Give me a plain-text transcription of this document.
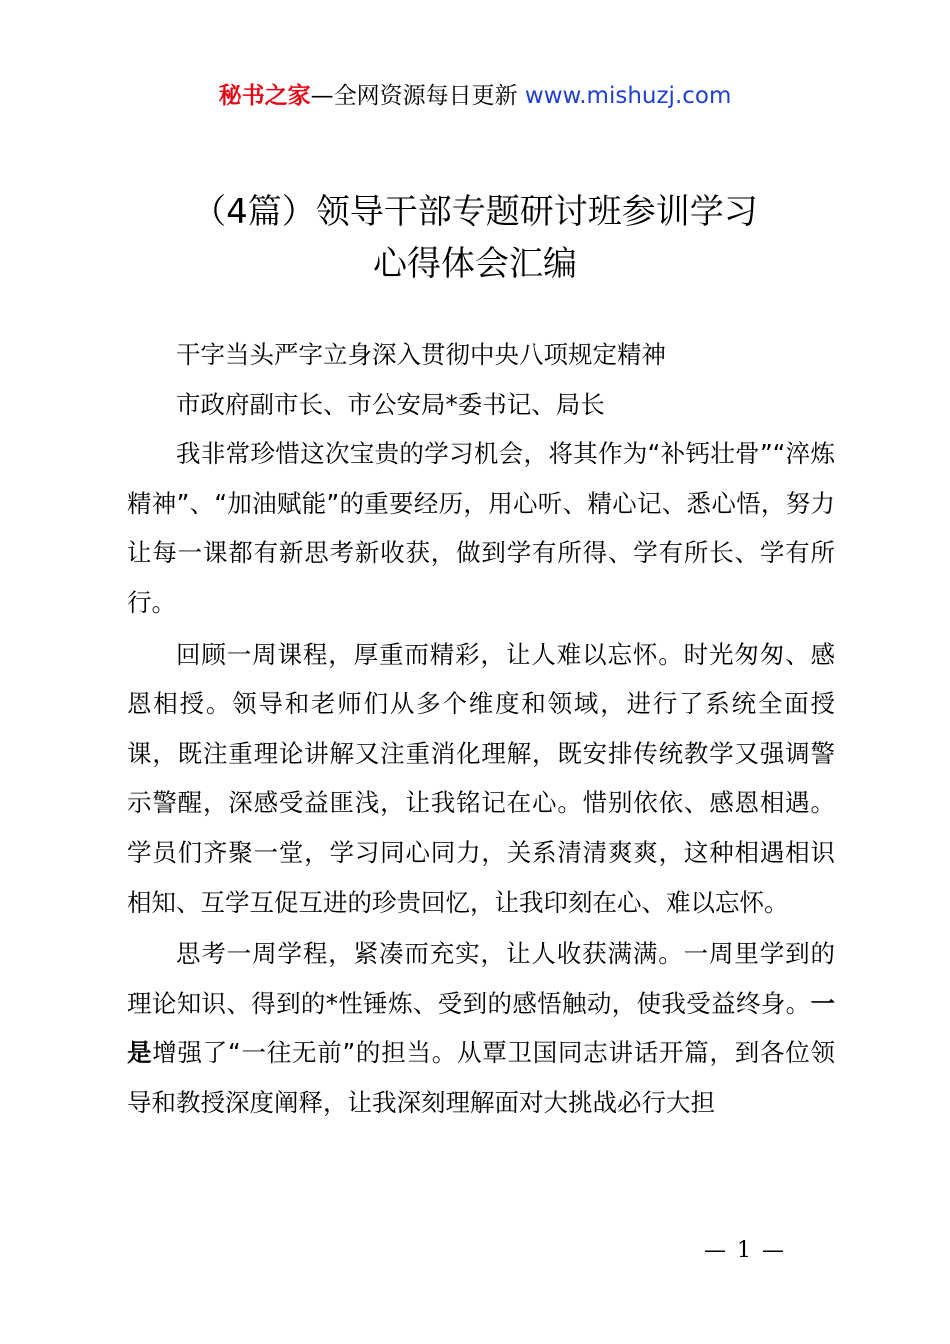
秘书之家—全网资源每日更新 www.mishuzj.com
（4篇）领导干部专题研讨班参训学习
心得体会汇编

干字当头严字立身深入贯彻中央八项规定精神

市政府副市长、市公安局*委书记、局长

我非常珍惜这次宝贵的学习机会，将其作为“补钙壮骨”“淬炼精神”、“加油赋能”的重要经历，用心听、精心记、悉心悟，努力让每一课都有新思考新收获，做到学有所得、学有所长、学有所行。

回顾一周课程，厚重而精彩，让人难以忘怀。时光匆匆、感恩相授。领导和老师们从多个维度和领域，进行了系统全面授课，既注重理论讲解又注重消化理解，既安排传统教学又强调警示警醒，深感受益匪浅，让我铭记在心。惜别依依、感恩相遇。学员们齐聚一堂，学习同心同力，关系清清爽爽，这种相遇相识相知、互学互促互进的珍贵回忆，让我印刻在心、难以忘怀。

思考一周学程，紧凑而充实，让人收获满满。一周里学到的理论知识、得到的*性锤炼、受到的感悟触动，使我受益终身。一是增强了“一往无前”的担当。从覃卫国同志讲话开篇，到各位领导和教授深度阐释，让我深刻理解面对大挑战必行大担

— 1 —
